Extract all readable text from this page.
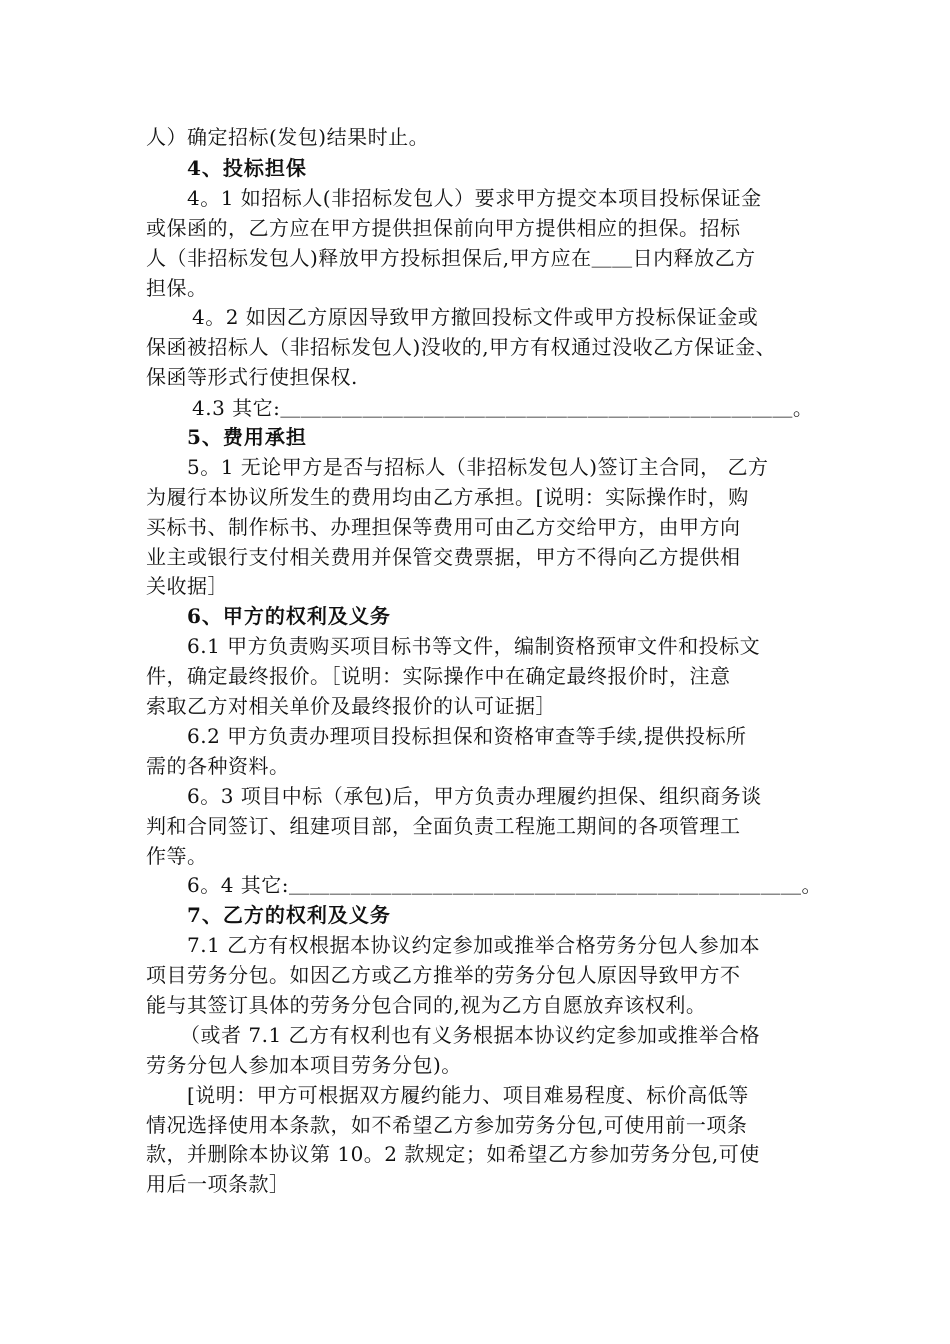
人）确定招标(发包)结果时止。
4、投标担保
4。1 如招标人(非招标发包人）要求甲方提交本项目投标保证金
或保函的，乙方应在甲方提供担保前向甲方提供相应的担保。招标
人（非招标发包人)释放甲方投标担保后,甲方应在＿＿日内释放乙方
担保。
4。2 如因乙方原因导致甲方撤回投标文件或甲方投标保证金或
保函被招标人（非招标发包人)没收的,甲方有权通过没收乙方保证金、
保函等形式行使担保权.
4.3 其它:＿＿＿＿＿＿＿＿＿＿＿＿＿＿＿＿＿＿＿＿＿＿＿＿＿。
5、费用承担
5。1 无论甲方是否与招标人（非招标发包人)签订主合同， 乙方
为履行本协议所发生的费用均由乙方承担。[说明：实际操作时，购
买标书、制作标书、办理担保等费用可由乙方交给甲方，由甲方向
业主或银行支付相关费用并保管交费票据，甲方不得向乙方提供相
关收据］
6、甲方的权利及义务
6.1 甲方负责购买项目标书等文件，编制资格预审文件和投标文
件，确定最终报价。［说明：实际操作中在确定最终报价时，注意
索取乙方对相关单价及最终报价的认可证据］
6.2 甲方负责办理项目投标担保和资格审查等手续,提供投标所
需的各种资料。
6。3 项目中标（承包)后，甲方负责办理履约担保、组织商务谈
判和合同签订、组建项目部，全面负责工程施工期间的各项管理工
作等。
6。4 其它:＿＿＿＿＿＿＿＿＿＿＿＿＿＿＿＿＿＿＿＿＿＿＿＿＿。
7、乙方的权利及义务
7.1 乙方有权根据本协议约定参加或推举合格劳务分包人参加本
项目劳务分包。如因乙方或乙方推举的劳务分包人原因导致甲方不
能与其签订具体的劳务分包合同的,视为乙方自愿放弃该权利。
（或者 7.1 乙方有权利也有义务根据本协议约定参加或推举合格
劳务分包人参加本项目劳务分包)。
[说明：甲方可根据双方履约能力、项目难易程度、标价高低等
情况选择使用本条款，如不希望乙方参加劳务分包,可使用前一项条
款，并删除本协议第 10。2 款规定；如希望乙方参加劳务分包,可使
用后一项条款］
